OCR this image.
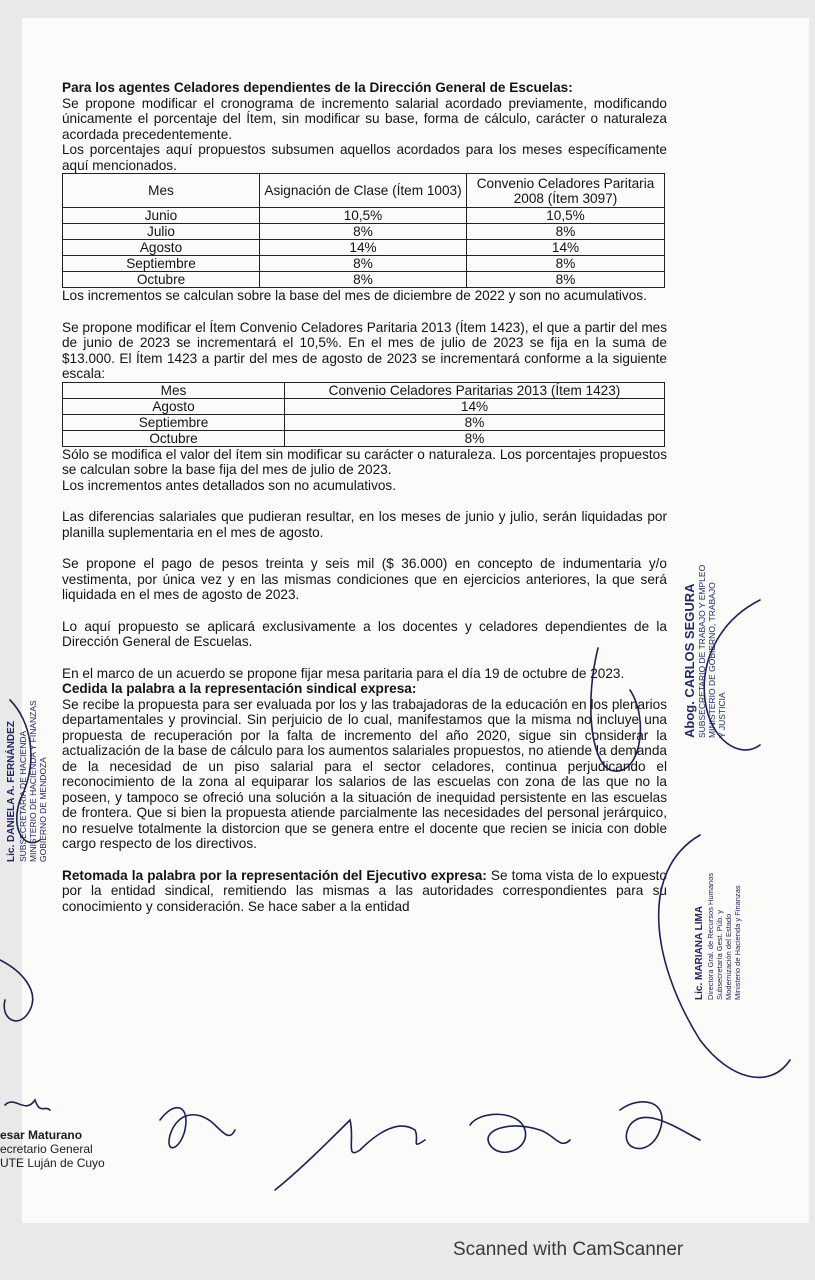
Para los agentes Celadores dependientes de la Dirección General de Escuelas:

Se propone modificar el cronograma de incremento salarial acordado previamente, modificando únicamente el porcentaje del Ítem, sin modificar su base, forma de cálculo, carácter o naturaleza acordada precedentemente.

Los porcentajes aquí propuestos subsumen aquellos acordados para los meses específicamente aquí mencionados.

Mes	Asignación de Clase (Ítem 1003)	Convenio Celadores Paritaria 2008 (Ítem 3097)
Junio	10,5%	10,5%
Julio	8%	8%
Agosto	14%	14%
Septiembre	8%	8%
Octubre	8%	8%

Los incrementos se calculan sobre la base del mes de diciembre de 2022 y son no acumulativos.

Se propone modificar el Ítem Convenio Celadores Paritaria 2013 (Ítem 1423), el que a partir del mes de junio de 2023 se incrementará el 10,5%. En el mes de julio de 2023 se fija en la suma de $13.000. El Ítem 1423 a partir del mes de agosto de 2023 se incrementará conforme a la siguiente escala:

Mes	Convenio Celadores Paritarias 2013 (Ítem 1423)
Agosto	14%
Septiembre	8%
Octubre	8%

Sólo se modifica el valor del ítem sin modificar su carácter o naturaleza. Los porcentajes propuestos se calculan sobre la base fija del mes de julio de 2023.

Los incrementos antes detallados son no acumulativos.

Las diferencias salariales que pudieran resultar, en los meses de junio y julio, serán liquidadas por planilla suplementaria en el mes de agosto.

Se propone el pago de pesos treinta y seis mil ($ 36.000) en concepto de indumentaria y/o vestimenta, por única vez y en las mismas condiciones que en ejercicios anteriores, la que será liquidada en el mes de agosto de 2023.

Lo aquí propuesto se aplicará exclusivamente a los docentes y celadores dependientes de la Dirección General de Escuelas.

En el marco de un acuerdo se propone fijar mesa paritaria para el día 19 de octubre de 2023.

Cedida la palabra a la representación sindical expresa:

Se recibe la propuesta para ser evaluada por los y las trabajadoras de la educación en los plenarios departamentales y provincial. Sin perjuicio de lo cual, manifestamos que la misma no incluye una propuesta de recuperación por la falta de incremento del año 2020, sigue sin considerar la actualización de la base de cálculo para los aumentos salariales propuestos, no atiende la demanda de la necesidad de un piso salarial para el sector celadores, continua perjudicando el reconocimiento de la zona al equiparar los salarios de las escuelas con zona de las que no la poseen, y tampoco se ofreció una solución a la situación de inequidad persistente en las escuelas de frontera. Que si bien la propuesta atiende parcialmente las necesidades del personal jerárquico, no resuelve totalmente la distorcion que se genera entre el docente que recien se inicia con doble cargo respecto de los directivos.

Retomada la palabra por la representación del Ejecutivo expresa: Se toma vista de lo expuesto por la entidad sindical, remitiendo las mismas a las autoridades correspondientes para su conocimiento y consideración. Se hace saber a la entidad

Abog. CARLOS SEGURA SUBSECRETARIO DE TRABAJO Y EMPLEO MINISTERIO DE GOBIERNO, TRABAJO Y JUSTICIA
Lic. DANIELA A. FERNÁNDEZ SUBSECRETARIA DE HACIENDA MINISTERIO DE HACIENDA Y FINANZAS GOBIERNO DE MENDOZA
Lic. MARIANA LIMA Directora Gral. de Recursos Humanos Subsecretaría Gest. Púb. y Modernización del Estado Ministerio de Hacienda y Finanzas
esar Maturano
ecretario General
UTE Luján de Cuyo
Scanned with CamScanner
